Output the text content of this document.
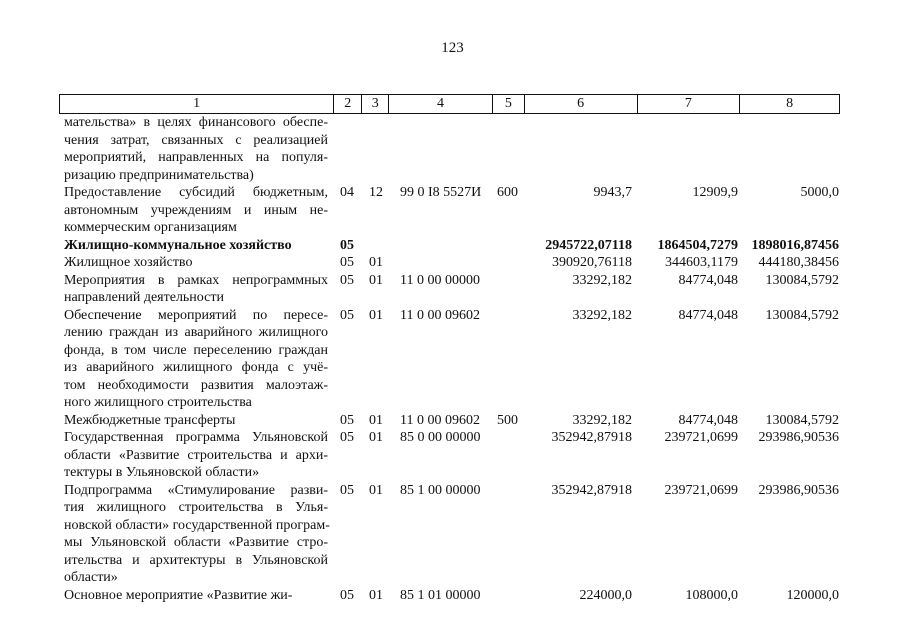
123
1	2	3	4	5	6	7	8
мательства» в целях финансового обеспе-
чения затрат, связанных с реализацией
мероприятий, направленных на популя-
ризацию предпринимательства)
Предоставление субсидий бюджетным,
автономным учреждениям и иным не-
коммерческим организациям
04 12 99 0 I8 5527И 600	9943,7	12909,9	5000,0
Жилищно-коммунальное хозяйство	05	2945722,07118 1864504,7279 1898016,87456
Жилищное хозяйство	05 01	390920,76118 344603,1179 444180,38456
Мероприятия в рамках непрограммных
направлений деятельности
05 01 11 0 00 00000	33292,182	84774,048 130084,5792
Обеспечение мероприятий по пересе-
лению граждан из аварийного жилищного
фонда, в том числе переселению граждан
из аварийного жилищного фонда с учё-
том необходимости развития малоэтаж-
ного жилищного строительства
05 01 11 0 00 09602	33292,182	84774,048 130084,5792
Межбюджетные трансферты	05 01 11 0 00 09602 500	33292,182	84774,048 130084,5792
Государственная программа Ульяновской
области «Развитие строительства и архи-
тектуры в Ульяновской области»
05 01 85 0 00 00000	352942,87918 239721,0699 293986,90536
Подпрограмма «Стимулирование разви-
тия жилищного строительства в Улья-
новской области» государственной програм-
мы Ульяновской области «Развитие стро-
ительства и архитектуры в Ульяновской
области»
05 01 85 1 00 00000	352942,87918 239721,0699 293986,90536
Основное мероприятие «Развитие жи-	05 01 85 1 01 00000	224000,0	108000,0	120000,0
